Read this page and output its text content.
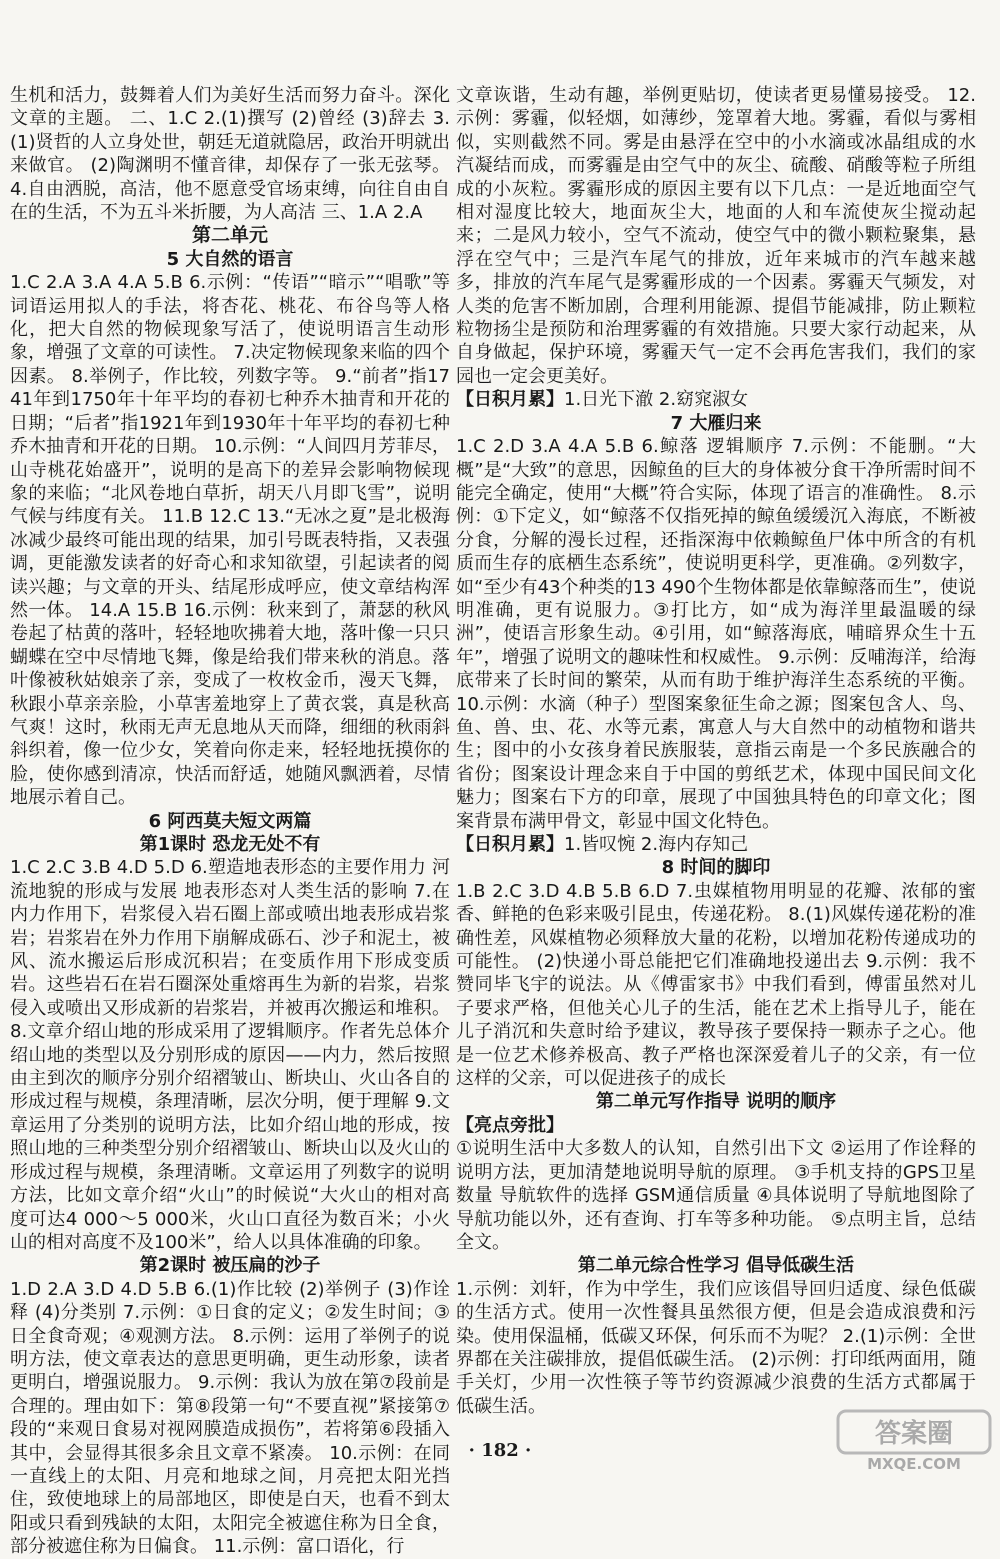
生机和活力，鼓舞着人们为美好生活而努力奋斗。深化文章的主题。 二、1.C 2.(1)撰写 (2)曾经 (3)辞去 3.(1)贤哲的人立身处世，朝廷无道就隐居，政治开明就出来做官。 (2)陶渊明不懂音律，却保存了一张无弦琴。 4.自由洒脱，高洁，他不愿意受官场束缚，向往自由自在的生活，不为五斗米折腰，为人高洁 三、1.A 2.A

第二单元

5 大自然的语言

1.C 2.A 3.A 4.A 5.B 6.示例：“传语”“暗示”“唱歌”等词语运用拟人的手法，将杏花、桃花、布谷鸟等人格化，把大自然的物候现象写活了，使说明语言生动形象，增强了文章的可读性。 7.决定物候现象来临的四个因素。 8.举例子，作比较，列数字等。 9.“前者”指1741年到1750年十年平均的春初七种乔木抽青和开花的日期；“后者”指1921年到1930年十年平均的春初七种乔木抽青和开花的日期。 10.示例：“人间四月芳菲尽，山寺桃花始盛开”，说明的是高下的差异会影响物候现象的来临；“北风卷地白草折，胡天八月即飞雪”，说明气候与纬度有关。 11.B 12.C 13.“无冰之夏”是北极海冰减少最终可能出现的结果，加引号既表特指，又表强调，更能激发读者的好奇心和求知欲望，引起读者的阅读兴趣；与文章的开头、结尾形成呼应，使文章结构浑然一体。 14.A 15.B 16.示例：秋来到了，萧瑟的秋风卷起了枯黄的落叶，轻轻地吹拂着大地，落叶像一只只蝴蝶在空中尽情地飞舞，像是给我们带来秋的消息。落叶像被秋姑娘亲了亲，变成了一枚枚金币，漫天飞舞，秋跟小草亲亲脸，小草害羞地穿上了黄衣裳，真是秋高气爽！这时，秋雨无声无息地从天而降，细细的秋雨斜斜织着，像一位少女，笑着向你走来，轻轻地抚摸你的脸，使你感到清凉，快活而舒适，她随风飘洒着，尽情地展示着自己。

6 阿西莫夫短文两篇

第1课时 恐龙无处不有

1.C 2.C 3.B 4.D 5.D 6.塑造地表形态的主要作用力 河流地貌的形成与发展 地表形态对人类生活的影响 7.在内力作用下，岩浆侵入岩石圈上部或喷出地表形成岩浆岩；岩浆岩在外力作用下崩解成砾石、沙子和泥土，被风、流水搬运后形成沉积岩；在变质作用下形成变质岩。这些岩石在岩石圈深处重熔再生为新的岩浆，岩浆侵入或喷出又形成新的岩浆岩，并被再次搬运和堆积。 8.文章介绍山地的形成采用了逻辑顺序。作者先总体介绍山地的类型以及分别形成的原因——内力，然后按照由主到次的顺序分别介绍褶皱山、断块山、火山各自的形成过程与规模，条理清晰，层次分明，便于理解 9.文章运用了分类别的说明方法，比如介绍山地的形成，按照山地的三种类型分别介绍褶皱山、断块山以及火山的形成过程与规模，条理清晰。文章运用了列数字的说明方法，比如文章介绍“火山”的时候说“大火山的相对高度可达4 000～5 000米，火山口直径为数百米；小火山的相对高度不及100米”，给人以具体准确的印象。

第2课时 被压扁的沙子

1.D 2.A 3.D 4.D 5.B 6.(1)作比较 (2)举例子 (3)作诠释 (4)分类别 7.示例：①日食的定义；②发生时间；③日全食奇观；④观测方法。 8.示例：运用了举例子的说明方法，使文章表达的意思更明确，更生动形象，读者更明白，增强说服力。 9.示例：我认为放在第⑦段前是合理的。理由如下：第⑧段第一句“不要直视”紧接第⑦段的“来观日食易对视网膜造成损伤”，若将第⑥段插入其中，会显得其很多余且文章不紧凑。 10.示例：在同一直线上的太阳、月亮和地球之间，月亮把太阳光挡住，致使地球上的局部地区，即使是白天，也看不到太阳或只看到残缺的太阳，太阳完全被遮住称为日全食，部分被遮住称为日偏食。 11.示例：富口语化，行

文章诙谐，生动有趣，举例更贴切，使读者更易懂易接受。 12.示例：雾霾，似轻烟，如薄纱，笼罩着大地。雾霾，看似与雾相似，实则截然不同。雾是由悬浮在空中的小水滴或冰晶组成的水汽凝结而成，而雾霾是由空气中的灰尘、硫酸、硝酸等粒子所组成的小灰粒。雾霾形成的原因主要有以下几点：一是近地面空气相对湿度比较大，地面灰尘大，地面的人和车流使灰尘搅动起来；二是风力较小，空气不流动，使空气中的微小颗粒聚集，悬浮在空气中；三是汽车尾气的排放，近年来城市的汽车越来越多，排放的汽车尾气是雾霾形成的一个因素。雾霾天气频发，对人类的危害不断加剧，合理利用能源、提倡节能减排，防止颗粒粒物扬尘是预防和治理雾霾的有效措施。只要大家行动起来，从自身做起，保护环境，雾霾天气一定不会再危害我们，我们的家园也一定会更美好。

【日积月累】1.日光下澈 2.窈窕淑女

7 大雁归来

1.C 2.D 3.A 4.A 5.B 6.鲸落 逻辑顺序 7.示例：不能删。“大概”是“大致”的意思，因鲸鱼的巨大的身体被分食干净所需时间不能完全确定，使用“大概”符合实际，体现了语言的准确性。 8.示例：①下定义，如“鲸落不仅指死掉的鲸鱼缓缓沉入海底，不断被分食，分解的漫长过程，还指深海中依赖鲸鱼尸体中所含的有机质而生存的底栖生态系统”，使说明更科学，更准确。②列数字，如“至少有43个种类的13 490个生物体都是依靠鲸落而生”，使说明准确，更有说服力。③打比方，如“成为海洋里最温暖的绿洲”，使语言形象生动。④引用，如“鲸落海底，哺暗界众生十五年”，增强了说明文的趣味性和权威性。 9.示例：反哺海洋，给海底带来了长时间的繁荣，从而有助于维护海洋生态系统的平衡。 10.示例：水滴（种子）型图案象征生命之源；图案包含人、鸟、鱼、兽、虫、花、水等元素，寓意人与大自然中的动植物和谐共生；图中的小女孩身着民族服装，意指云南是一个多民族融合的省份；图案设计理念来自于中国的剪纸艺术，体现中国民间文化魅力；图案右下方的印章，展现了中国独具特色的印章文化；图案背景布满甲骨文，彰显中国文化特色。

【日积月累】1.皆叹惋 2.海内存知己

8 时间的脚印

1.B 2.C 3.D 4.B 5.B 6.D 7.虫媒植物用明显的花瓣、浓郁的蜜香、鲜艳的色彩来吸引昆虫，传递花粉。 8.(1)风媒传递花粉的准确性差，风媒植物必须释放大量的花粉，以增加花粉传递成功的可能性。 (2)快递小哥总能把它们准确地投递出去 9.示例：我不赞同毕飞宇的说法。从《傅雷家书》中我们看到，傅雷虽然对儿子要求严格，但他关心儿子的生活，能在艺术上指导儿子，能在儿子消沉和失意时给予建议，教导孩子要保持一颗赤子之心。他是一位艺术修养极高、教子严格也深深爱着儿子的父亲，有一位这样的父亲，可以促进孩子的成长

第二单元写作指导 说明的顺序

【亮点旁批】

①说明生活中大多数人的认知，自然引出下文 ②运用了作诠释的说明方法，更加清楚地说明导航的原理。 ③手机支持的GPS卫星数量 导航软件的选择 GSM通信质量 ④具体说明了导航地图除了导航功能以外，还有查询、打车等多种功能。 ⑤点明主旨，总结全文。

第二单元综合性学习 倡导低碳生活

1.示例：刘轩，作为中学生，我们应该倡导回归适度、绿色低碳的生活方式。使用一次性餐具虽然很方便，但是会造成浪费和污染。使用保温桶，低碳又环保，何乐而不为呢？ 2.(1)示例：全世界都在关注碳排放，提倡低碳生活。 (2)示例：打印纸两面用，随手关灯，少用一次性筷子等节约资源减少浪费的生活方式都属于低碳生活。

· 182 ·
答案圈
MXQE.COM
